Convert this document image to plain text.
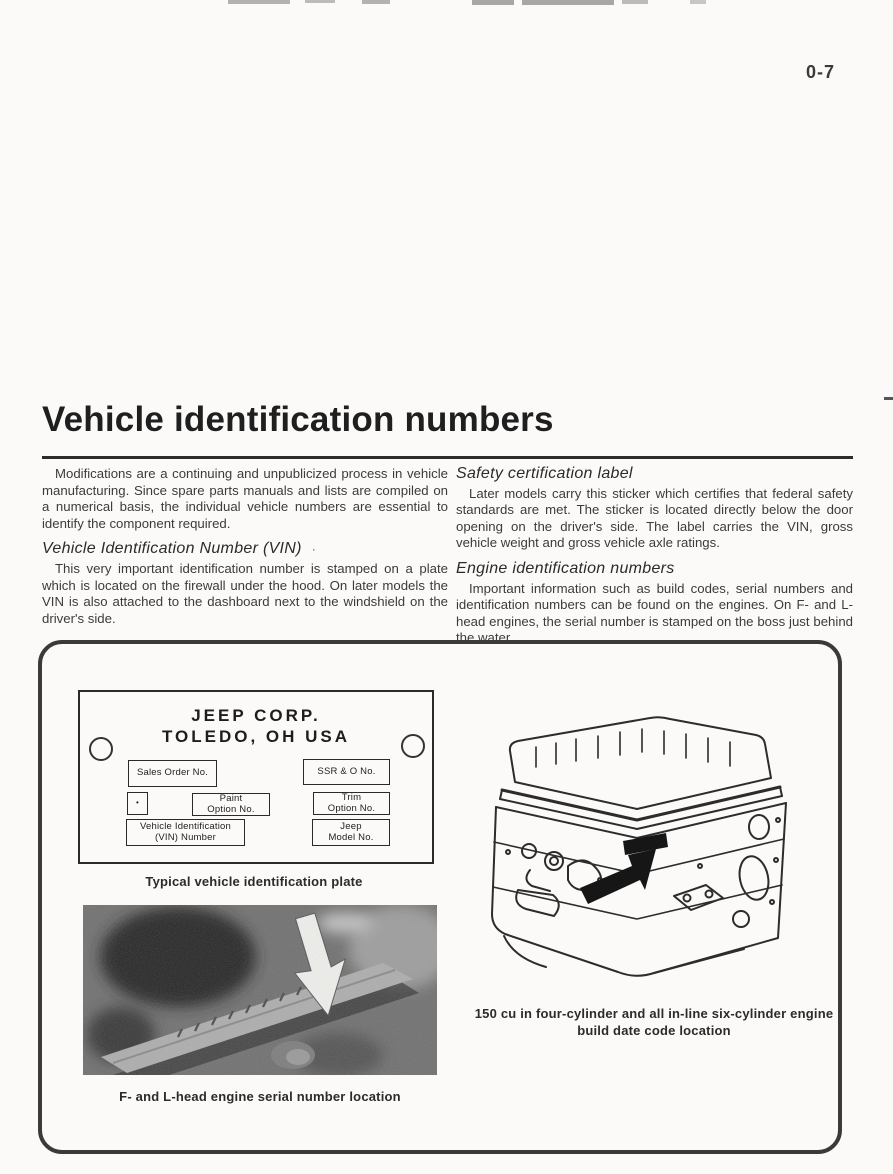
0-7
Vehicle identification numbers

Modifications are a continuing and unpublicized process in vehicle manufacturing. Since spare parts manuals and lists are compiled on a numerical basis, the individual vehicle numbers are essential to identify the component required.

Vehicle Identification Number (VIN) ·

This very important identification number is stamped on a plate which is located on the firewall under the hood. On later models the VIN is also attached to the dashboard next to the windshield on the driver's side.

Safety certification label

Later models carry this sticker which certifies that federal safety standards are met. The sticker is located directly below the door opening on the driver's side. The label carries the VIN, gross vehicle weight and gross vehicle axle ratings.

Engine identification numbers

Important information such as build codes, serial numbers and identification numbers can be found on the engines. On F- and L-head engines, the serial number is stamped on the boss just behind the water

JEEP CORP.
TOLEDO, OH USA
Sales Order No.	SSR & O No.
•	Paint
Option No.
Trim
Option No.
Vehicle Identification
(VIN) Number
Jeep
Model No.
Typical vehicle identification plate
F- and L-head engine serial number location
150 cu in four-cylinder and all in-line six-cylinder engine
build date code location
